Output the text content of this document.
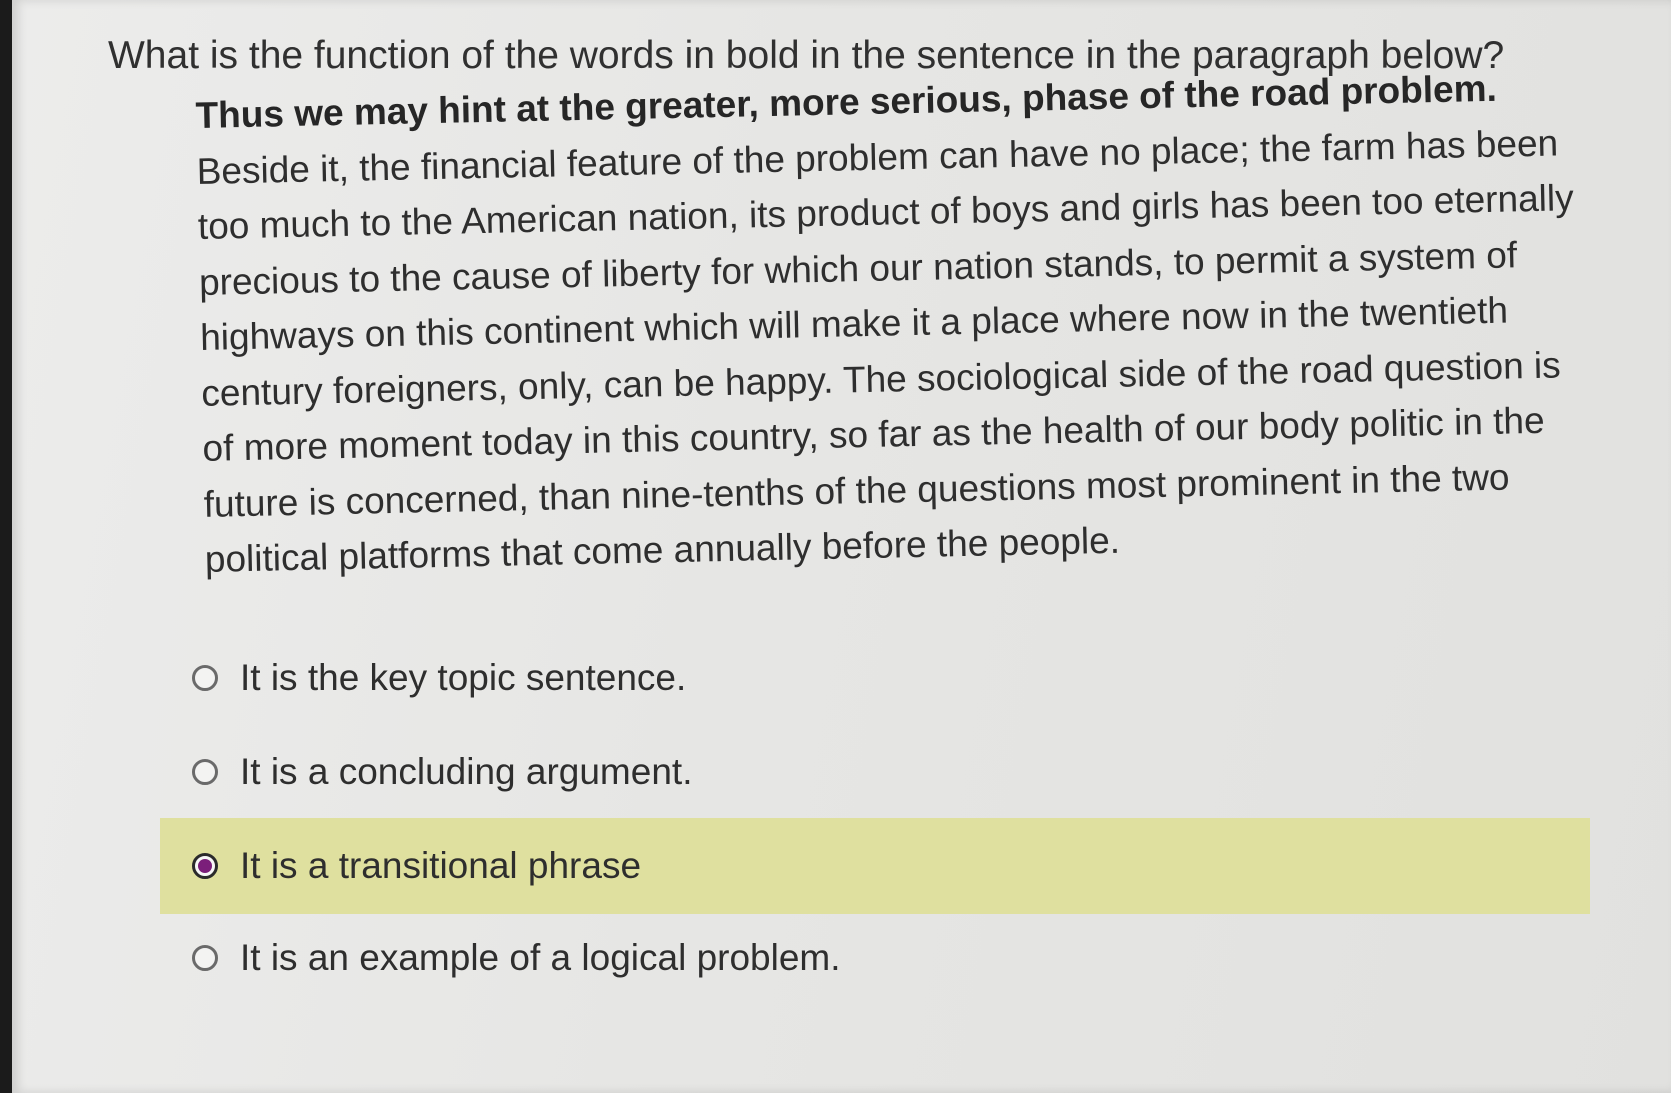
What is the function of the words in bold in the sentence in the paragraph below?

Thus we may hint at the greater, more serious, phase of the road problem. Beside it, the financial feature of the problem can have no place; the farm has been too much to the American nation, its product of boys and girls has been too eternally precious to the cause of liberty for which our nation stands, to permit a system of highways on this continent which will make it a place where now in the twentieth century foreigners, only, can be happy. The sociological side of the road question is of more moment today in this country, so far as the health of our body politic in the future is concerned, than nine-tenths of the questions most prominent in the two political platforms that come annually before the people.

It is the key topic sentence.
It is a concluding argument.
It is a transitional phrase
It is an example of a logical problem.
